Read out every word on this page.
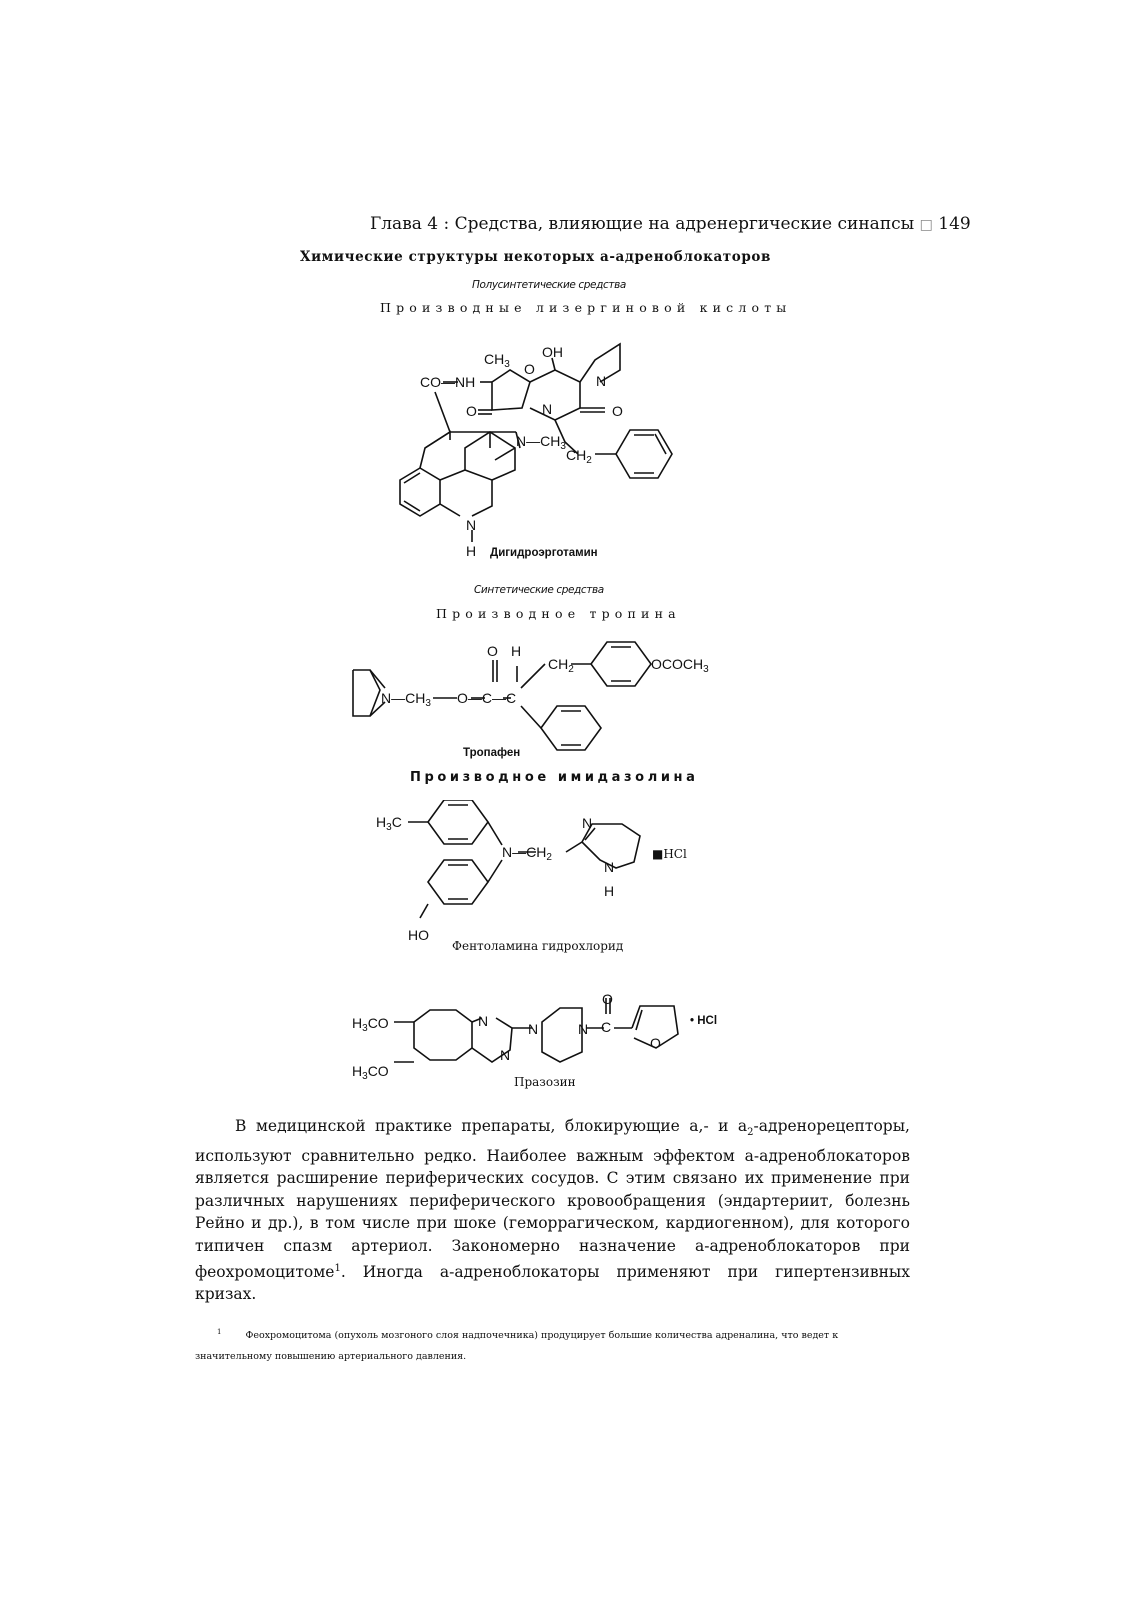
Глава 4 : Средства, влияющие на адренергические синапсы □ 149
Химические структуры некоторых а-адреноблокаторов
Полусинтетические средства
Производные лизергиновой кислоты
CO—NH
$CH_3$
OH
O
N
N
O	O
$N—CH_3$
$CH_2$
N
H Дигидроэрготамин
Синтетические средства
Производное тропина
$N—CH_3$ O—C—C
O H
$CH_2$	$OCOCH_3$
Тропафен
Производное имидазолина
$H_3C$
$N—CH_2$
N
N
H
■HCl
HO
Фентоламина гидрохлорид
$H_3CO$
$H_3CO$
N
N
N	N C
O
O
• HCl
Празозин

В медицинской практике препараты, блокирующие а,- и $а_2$-адренорецепторы, используют сравнительно редко. Наиболее важным эффектом а-адреноблокаторов является расширение периферических сосудов. С этим связано их применение при различных нарушениях периферического кровообращения (эндартериит, болезнь Рейно и др.), в том числе при шоке (геморрагическом, кардиогенном), для которого типичен спазм артериол. Закономерно назначение а-адреноблокаторов при феохромоцитоме$^1$. Иногда а-адреноблокаторы применяют при гипертензивных кризах.

$^1$	Феохромоцитома (опухоль мозгоного слоя надпочечника) продуцирует большие количества адреналина, что ведет к значительному повышению артериального давления.
